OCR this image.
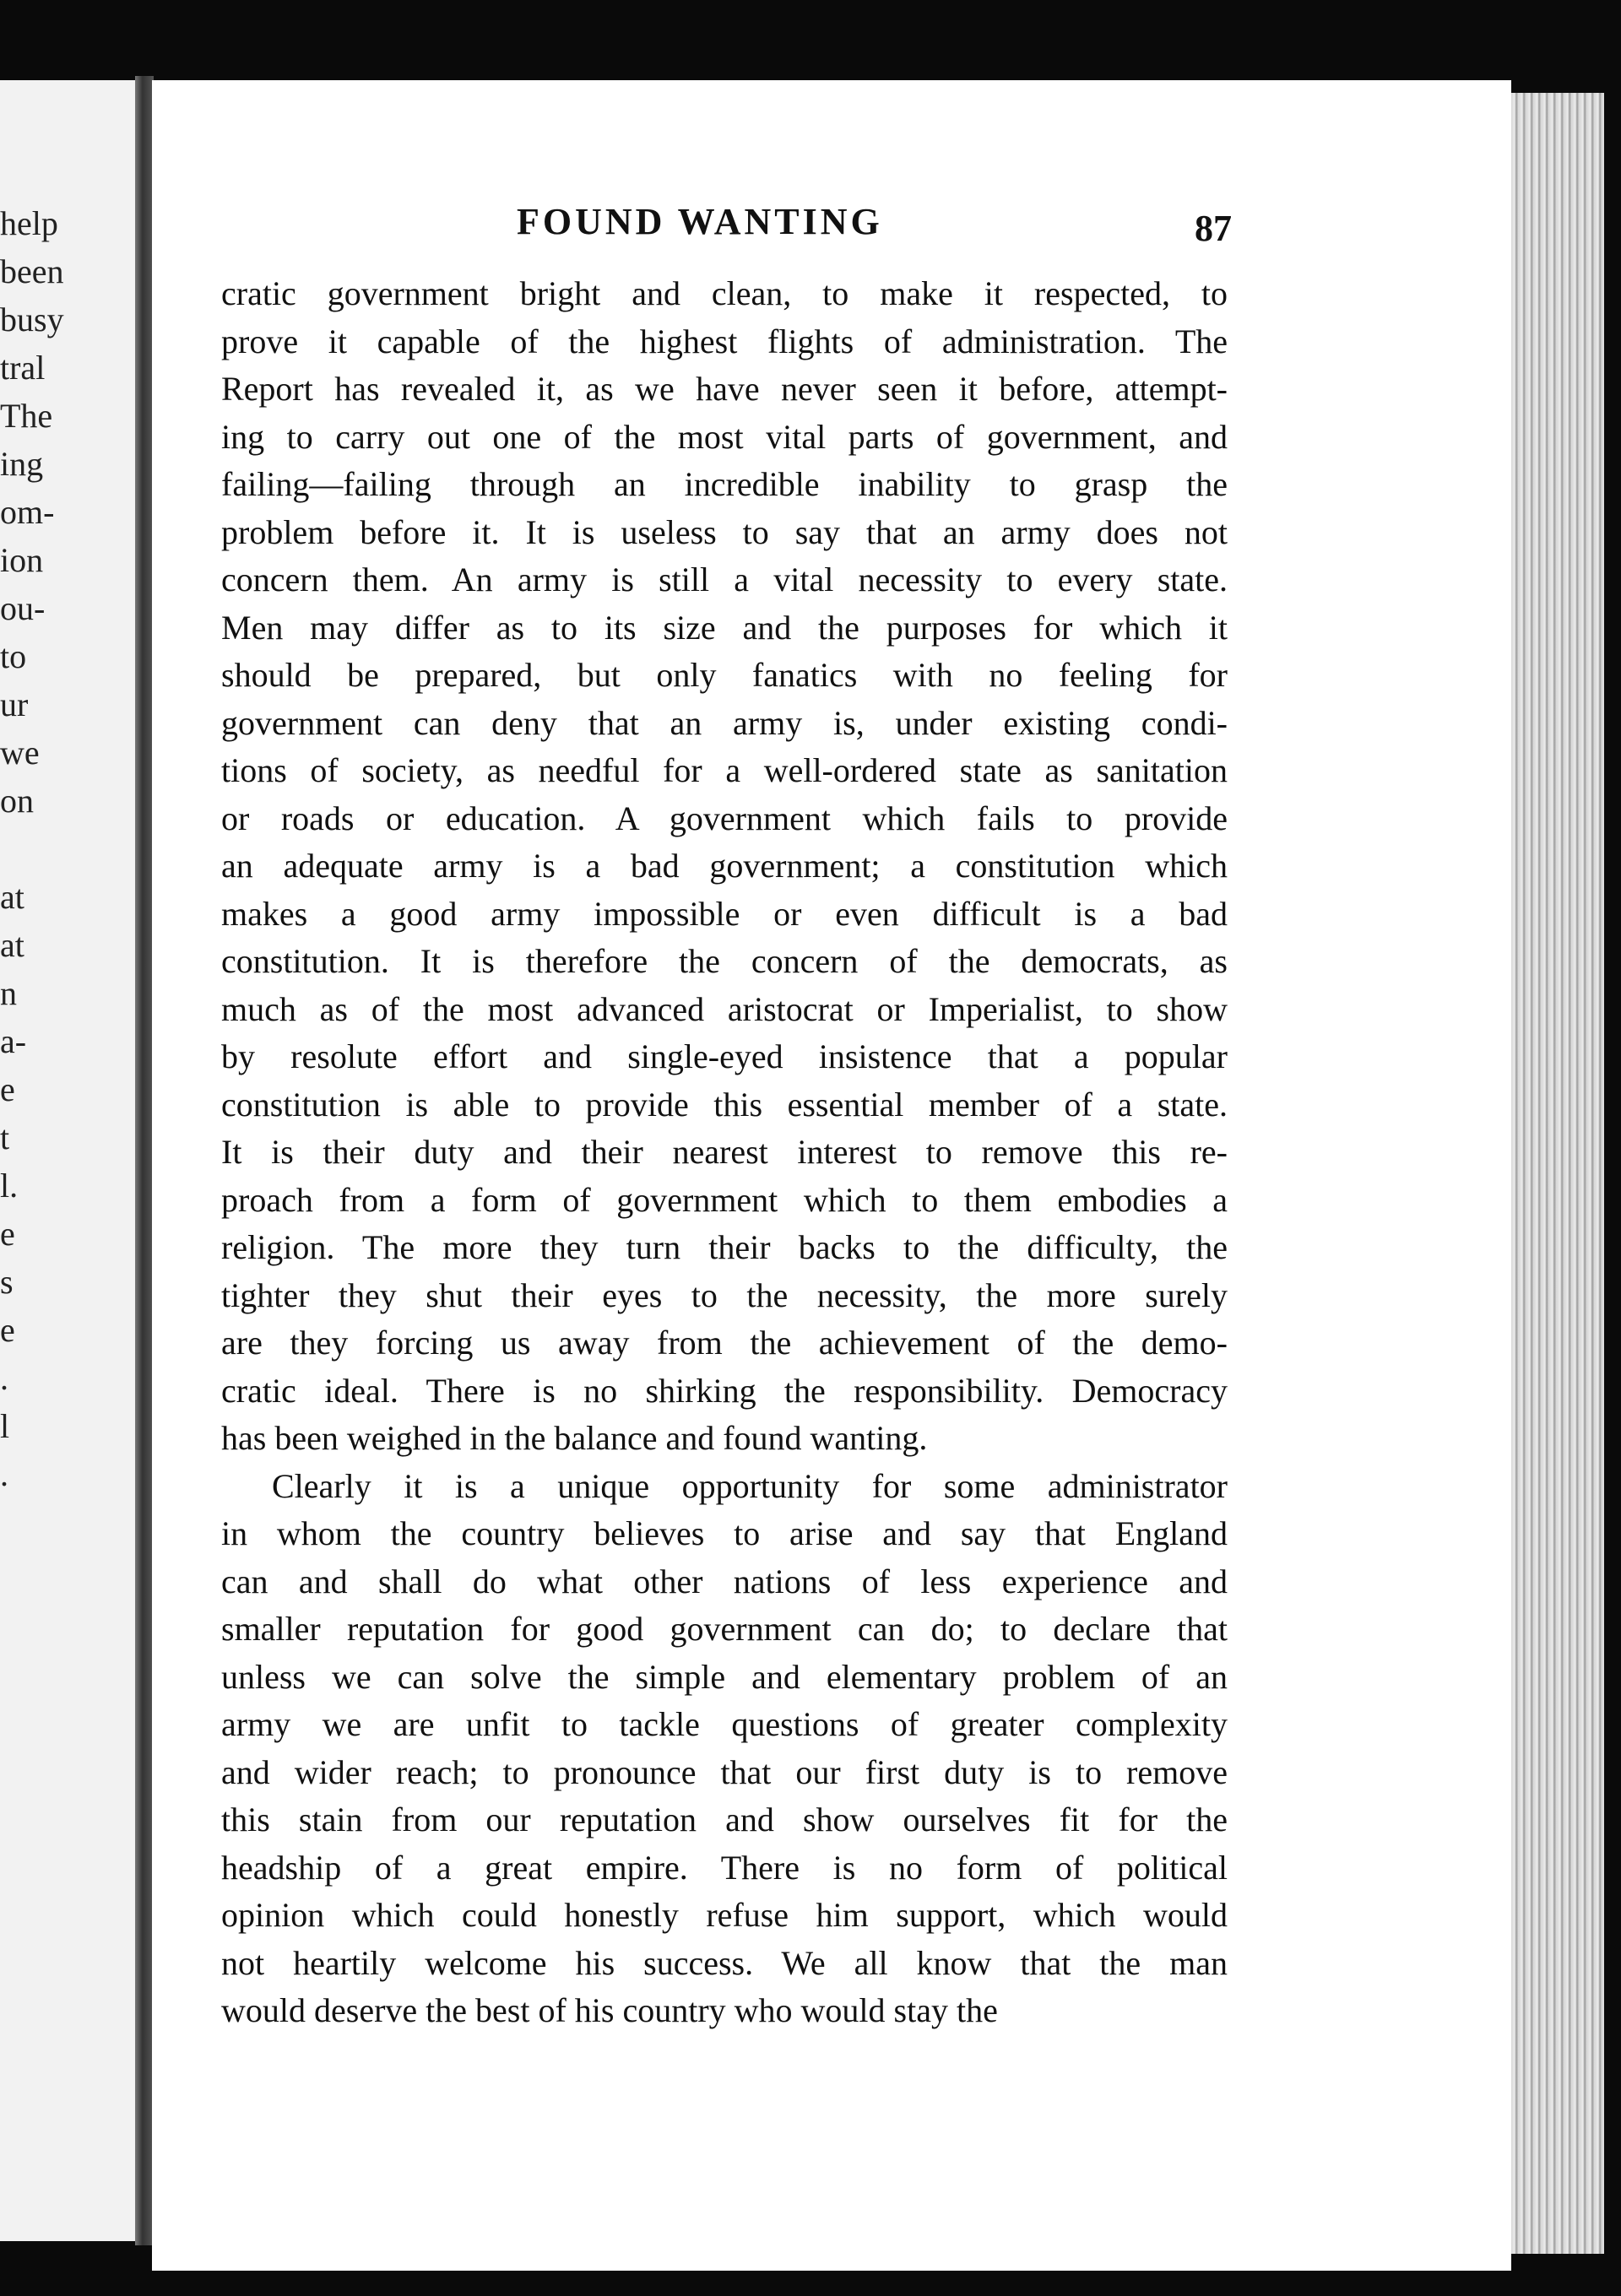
help
been
busy
tral
The
ing
om-
ion
ou-
to
ur
we
on
at
at
n
a-
e
t
l.
e
s
e
.
l
.
FOUND WANTING	87
cratic government bright and clean, to make it respected, to
prove it capable of the highest flights of administration. The
Report has revealed it, as we have never seen it before, attempt-
ing to carry out one of the most vital parts of government, and
failing—failing through an incredible inability to grasp the
problem before it. It is useless to say that an army does not
concern them. An army is still a vital necessity to every state.
Men may differ as to its size and the purposes for which it
should be prepared, but only fanatics with no feeling for
government can deny that an army is, under existing condi-
tions of society, as needful for a well-ordered state as sanitation
or roads or education. A government which fails to provide
an adequate army is a bad government; a constitution which
makes a good army impossible or even difficult is a bad
constitution. It is therefore the concern of the democrats, as
much as of the most advanced aristocrat or Imperialist, to show
by resolute effort and single-eyed insistence that a popular
constitution is able to provide this essential member of a state.
It is their duty and their nearest interest to remove this re-
proach from a form of government which to them embodies a
religion. The more they turn their backs to the difficulty, the
tighter they shut their eyes to the necessity, the more surely
are they forcing us away from the achievement of the demo-
cratic ideal. There is no shirking the responsibility. Democracy
has been weighed in the balance and found wanting.
Clearly it is a unique opportunity for some administrator
in whom the country believes to arise and say that England
can and shall do what other nations of less experience and
smaller reputation for good government can do; to declare that
unless we can solve the simple and elementary problem of an
army we are unfit to tackle questions of greater complexity
and wider reach; to pronounce that our first duty is to remove
this stain from our reputation and show ourselves fit for the
headship of a great empire. There is no form of political
opinion which could honestly refuse him support, which would
not heartily welcome his success. We all know that the man
would deserve the best of his country who would stay the
